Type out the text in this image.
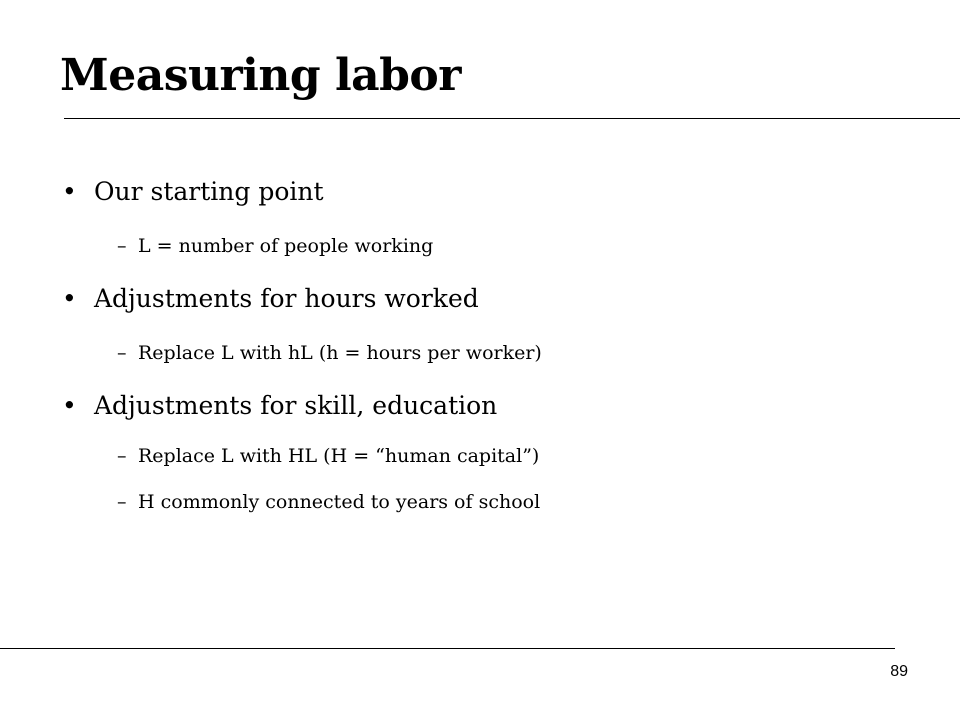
Measuring labor
• Our starting point
– L = number of people working
• Adjustments for hours worked
– Replace L with hL (h = hours per worker)
• Adjustments for skill, education
– Replace L with HL (H = “human capital”)
– H commonly connected to years of school
89
